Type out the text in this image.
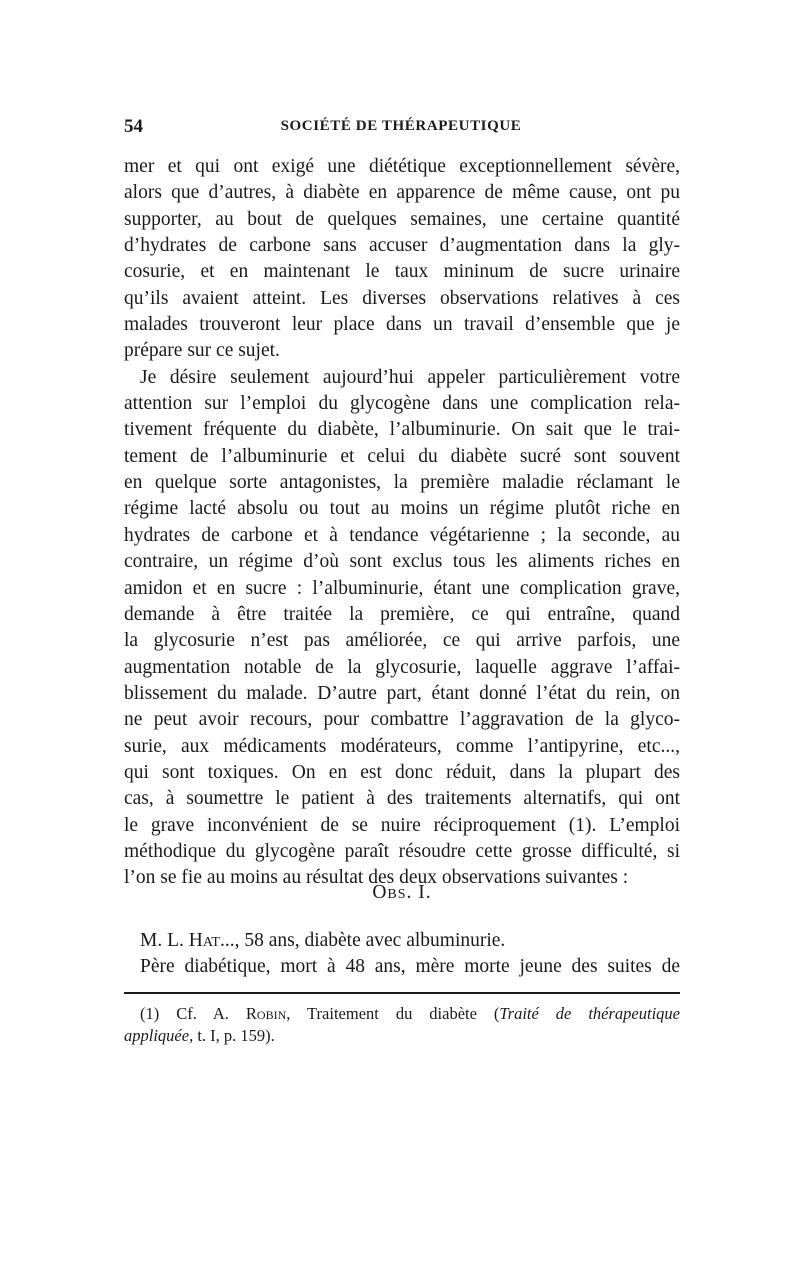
54	SOCIÉTÉ DE THÉRAPEUTIQUE
mer et qui ont exigé une diététique exceptionnellement sévère,
alors que d’autres, à diabète en apparence de même cause, ont pu
supporter, au bout de quelques semaines, une certaine quantité
d’hydrates de carbone sans accuser d’augmentation dans la gly-
cosurie, et en maintenant le taux mininum de sucre urinaire
qu’ils avaient atteint. Les diverses observations relatives à ces
malades trouveront leur place dans un travail d’ensemble que je
prépare sur ce sujet.
Je désire seulement aujourd’hui appeler particulièrement votre
attention sur l’emploi du glycogène dans une complication rela-
tivement fréquente du diabète, l’albuminurie. On sait que le trai-
tement de l’albuminurie et celui du diabète sucré sont souvent
en quelque sorte antagonistes, la première maladie réclamant le
régime lacté absolu ou tout au moins un régime plutôt riche en
hydrates de carbone et à tendance végétarienne ; la seconde, au
contraire, un régime d’où sont exclus tous les aliments riches en
amidon et en sucre : l’albuminurie, étant une complication grave,
demande à être traitée la première, ce qui entraîne, quand
la glycosurie n’est pas améliorée, ce qui arrive parfois, une
augmentation notable de la glycosurie, laquelle aggrave l’affai-
blissement du malade. D’autre part, étant donné l’état du rein, on
ne peut avoir recours, pour combattre l’aggravation de la glyco-
surie, aux médicaments modérateurs, comme l’antipyrine, etc...,
qui sont toxiques. On en est donc réduit, dans la plupart des
cas, à soumettre le patient à des traitements alternatifs, qui ont
le grave inconvénient de se nuire réciproquement (1). L’emploi
méthodique du glycogène paraît résoudre cette grosse difficulté, si
l’on se fie au moins au résultat des deux observations suivantes :
Obs. I.
M. L. Hat..., 58 ans, diabète avec albuminurie.
Père diabétique, mort à 48 ans, mère morte jeune des suites de
(1) Cf. A. Robin, Traitement du diabète (Traité de thérapeutique
appliquée, t. I, p. 159).
